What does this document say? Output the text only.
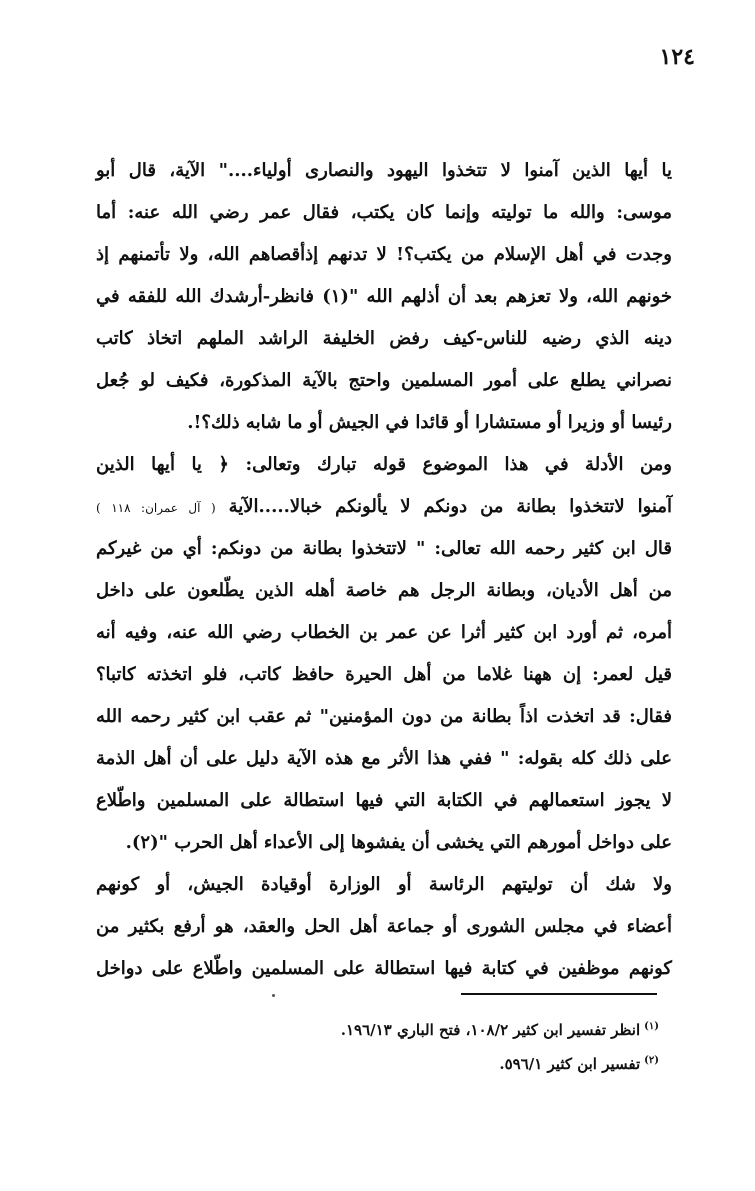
١٢٤
يا أيها الذين آمنوا لا تتخذوا اليهود والنصارى أولياء...." الآية، قال أبو
موسى: والله ما توليته وإنما كان يكتب، فقال عمر رضي الله عنه: أما
وجدت في أهل الإسلام من يكتب؟! لا تدنهم إذأقصاهم الله، ولا تأتمنهم إذ
خونهم الله، ولا تعزهم بعد أن أذلهم الله "(١) فانظر-أرشدك الله للفقه في
دينه الذي رضيه للناس-كيف رفض الخليفة الراشد الملهم اتخاذ كاتب
نصراني يطلع على أمور المسلمين واحتج بالآية المذكورة، فكيف لو جُعل
رئيسا أو وزيرا أو مستشارا أو قائدا في الجيش أو ما شابه ذلك؟!.
ومن الأدلة في هذا الموضوع قوله تبارك وتعالى: ﴿ يا أيها الذين
آمنوا لاتتخذوا بطانة من دونكم لا يألونكم خبالا.....الآية ( آل عمران: ١١٨ )
قال ابن كثير رحمه الله تعالى: " لاتتخذوا بطانة من دونكم: أي من غيركم
من أهل الأديان، وبطانة الرجل هم خاصة أهله الذين يطّلعون على داخل
أمره، ثم أورد ابن كثير أثرا عن عمر بن الخطاب رضي الله عنه، وفيه أنه
قيل لعمر: إن ههنا غلاما من أهل الحيرة حافظ كاتب، فلو اتخذته كاتبا؟
فقال: قد اتخذت اذاً بطانة من دون المؤمنين" ثم عقب ابن كثير رحمه الله
على ذلك كله بقوله: " ففي هذا الأثر مع هذه الآية دليل على أن أهل الذمة
لا يجوز استعمالهم في الكتابة التي فيها استطالة على المسلمين واطّلاع
على دواخل أمورهم التي يخشى أن يفشوها إلى الأعداء أهل الحرب "(٢).
ولا شك أن توليتهم الرئاسة أو الوزارة أوقيادة الجيش، أو كونهم
أعضاء في مجلس الشورى أو جماعة أهل الحل والعقد، هو أرفع بكثير من
كونهم موظفين في كتابة فيها استطالة على المسلمين واطّلاع على دواخل
$^{(١)}$انظر تفسير ابن كثير ١٠٨/٢، فتح الباري ١٩٦/١٣.
$^{(٢)}$تفسير ابن كثير ٥٩٦/١.
